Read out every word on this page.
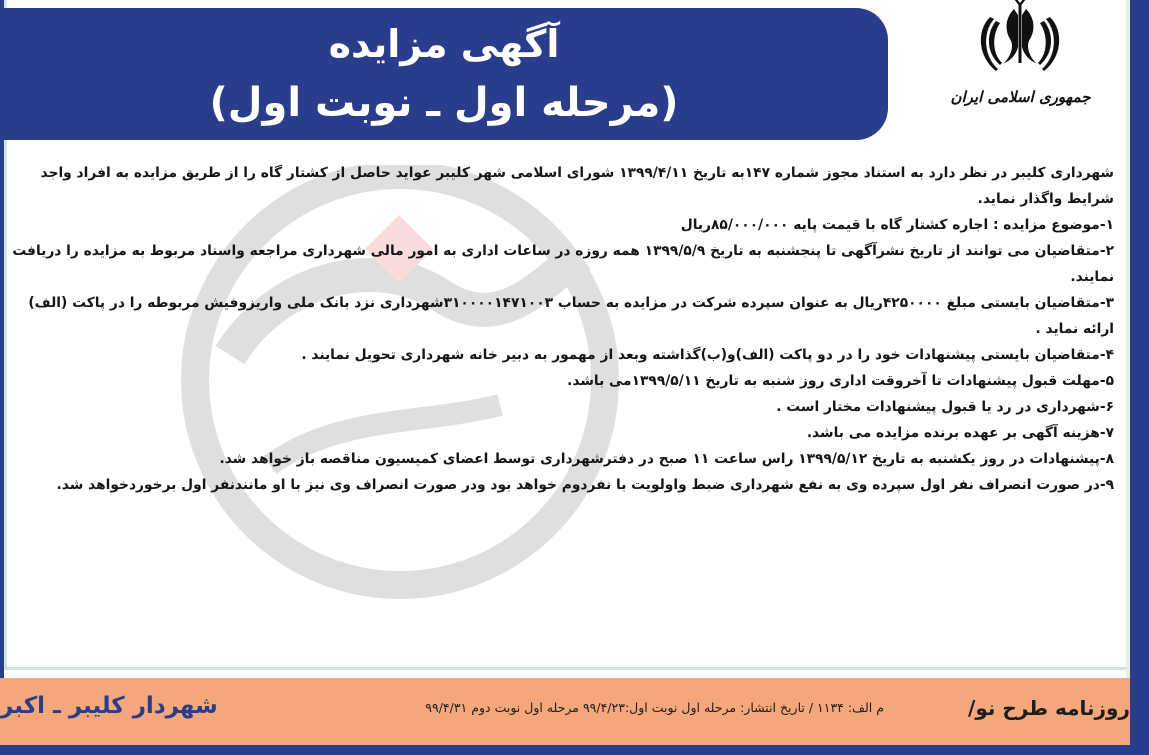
آگهی مزایده
(مرحله اول ـ نوبت اول)	جمهوری اسلامی ایران

شهرداری کلیبر در نظر دارد به استناد مجوز شماره ۱۴۷به تاریخ ۱۳۹۹/۴/۱۱ شورای اسلامی شهر کلیبر عواید حاصل از کشتار گاه را از طریق مزایده به افراد واجد شرایط واگذار نماید.

۱-موضوع مزایده : اجاره کشتار گاه با قیمت پایه ۸۵/۰۰۰/۰۰۰ریال

۲-متقاضیان می توانند از تاریخ نشرآگهی تا پنجشنبه به تاریخ ۱۳۹۹/۵/۹ همه روزه در ساعات اداری به امور مالی شهرداری مراجعه واسناد مربوط به مزایده را دریافت نمایند.

۳-متقاضیان بایستی مبلغ ۴۲۵۰۰۰۰ریال به عنوان سپرده شرکت در مزایده به حساب ۳۱۰۰۰۰۱۴۷۱۰۰۳شهرداری نزد بانک ملی واریزوفیش مربوطه را در پاکت (الف) ارائه نماید .

۴-متقاضیان بایستی پیشنهادات خود را در دو پاکت (الف)و(ب)گذاشته وبعد از مهمور به دبیر خانه شهرداری تحویل نمایند .

۵-مهلت قبول پیشنهادات تا آخروقت اداری روز شنبه به تاریخ ۱۳۹۹/۵/۱۱می باشد.

۶-شهرداری در رد یا قبول پیشنهادات مختار است .

۷-هزینه آگهی بر عهده برنده مزایده می باشد.

۸-پیشنهادات در روز یکشنبه به تاریخ ۱۳۹۹/۵/۱۲ راس ساعت ۱۱ صبح در دفترشهرداری توسط اعضای کمیسیون مناقصه باز خواهد شد.

۹-در صورت انصراف نفر اول سپرده وی به نفع شهرداری ضبط واولویت با نفردوم خواهد بود ودر صورت انصراف وی نیز با او مانندنفر اول برخوردخواهد شد.

روزنامه طرح نو/
م الف: ۱۱۳۴ / تاریخ انتشار: مرحله اول نوبت اول:۹۹/۴/۲۳ مرحله اول نوبت دوم ۹۹/۴/۳۱
شهردار کلیبر ـ اکبر
